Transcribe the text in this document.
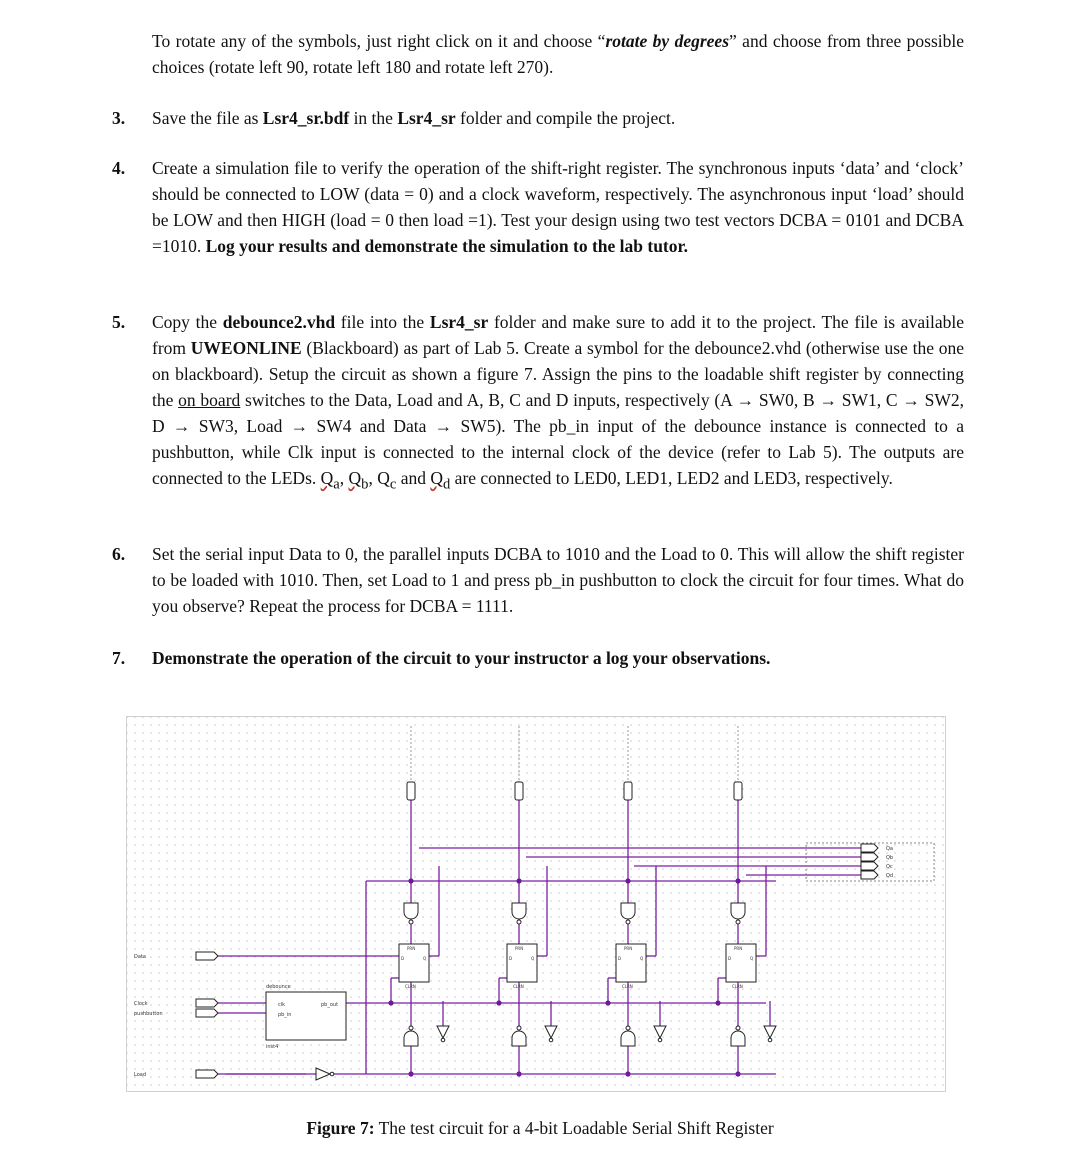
To rotate any of the symbols, just right click on it and choose “rotate by degrees” and choose from three possible choices (rotate left 90, rotate left 180 and rotate left 270).
3. Save the file as Lsr4_sr.bdf in the Lsr4_sr folder and compile the project.
4. Create a simulation file to verify the operation of the shift-right register. The synchronous inputs ‘data’ and ‘clock’ should be connected to LOW (data = 0) and a clock waveform, respectively. The asynchronous input ‘load’ should be LOW and then HIGH (load = 0 then load =1). Test your design using two test vectors DCBA = 0101 and DCBA =1010. Log your results and demonstrate the simulation to the lab tutor.
5. Copy the debounce2.vhd file into the Lsr4_sr folder and make sure to add it to the project. The file is available from UWEONLINE (Blackboard) as part of Lab 5. Create a symbol for the debounce2.vhd (otherwise use the one on blackboard). Setup the circuit as shown a figure 7. Assign the pins to the loadable shift register by connecting the on board switches to the Data, Load and A, B, C and D inputs, respectively (A → SW0, B → SW1, C → SW2, D → SW3, Load → SW4 and Data → SW5). The pb_in input of the debounce instance is connected to a pushbutton, while Clk input is connected to the internal clock of the device (refer to Lab 5). The outputs are connected to the LEDs. $Q_a$, $Q_b$, $Q_c$ and $Q_d$ are connected to LED0, LED1, LED2 and LED3, respectively.
6. Set the serial input Data to 0, the parallel inputs DCBA to 1010 and the Load to 0. This will allow the shift register to be loaded with 1010. Then, set Load to 1 and press pb_in pushbutton to clock the circuit for four times. What do you observe? Repeat the process for DCBA = 1111.
7. Demonstrate the operation of the circuit to your instructor a log your observations.
Qa
Qb
Qc
Qd
PRN
CLRN
D	Q
PRN
CLRN
D	Q
PRN
CLRN
D	Q
PRN
CLRN
D	Q
Data
Clock
pushbutton
Load
debounce
clk
pb_in
pb_out
inst4
Figure 7: The test circuit for a 4-bit Loadable Serial Shift Register
